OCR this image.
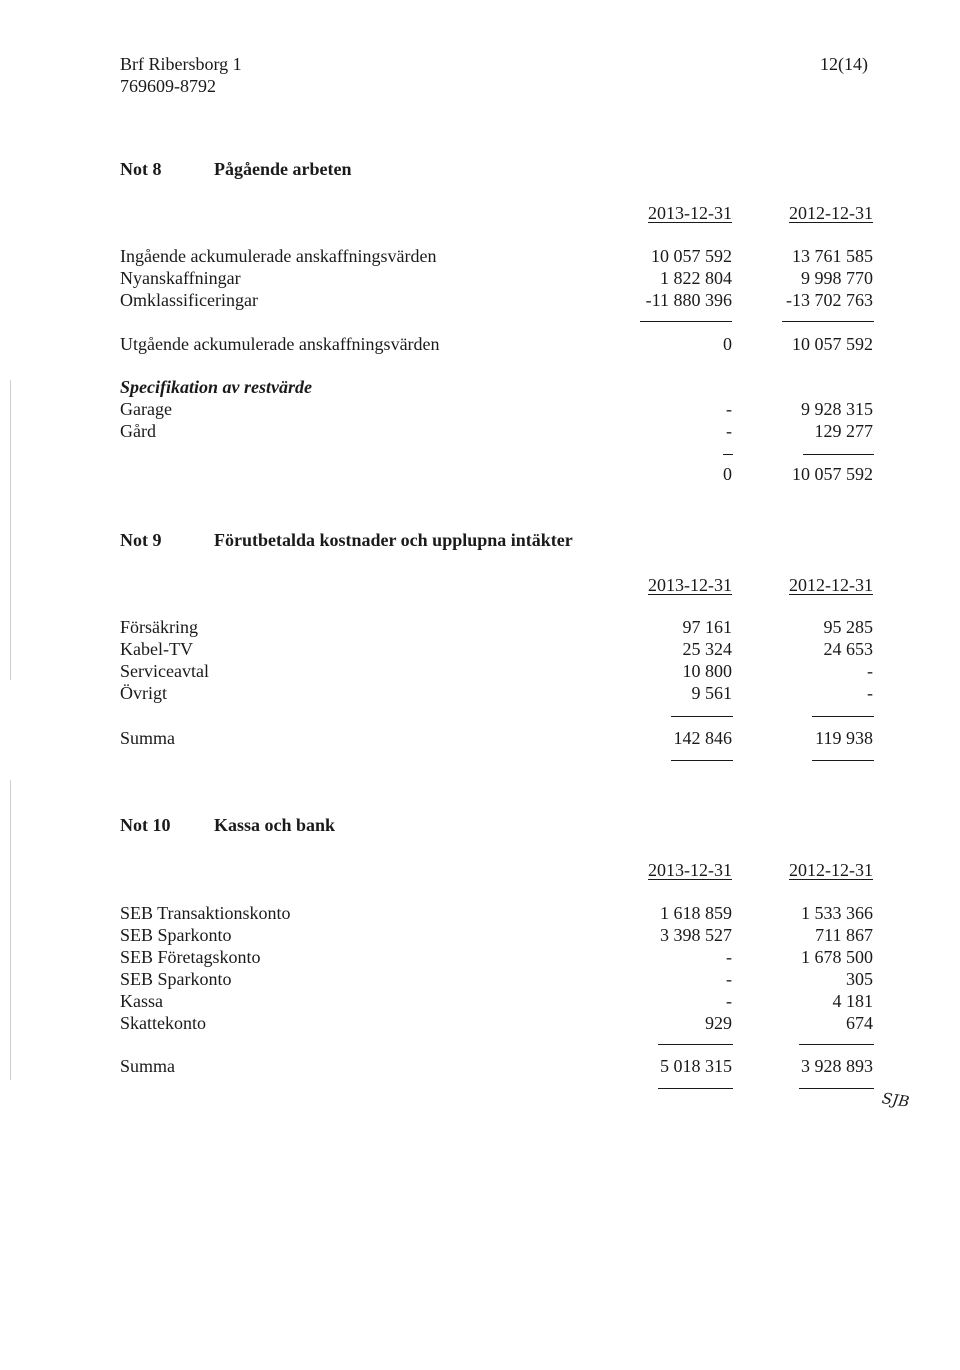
Brf Ribersborg 1
769609-8792
12(14)
Not 8	Pågående arbeten
2013-12-31	2012-12-31
Ingående ackumulerade anskaffningsvärden	10 057 592	13 761 585
Nyanskaffningar	1 822 804	9 998 770
Omklassificeringar	-11 880 396	-13 702 763
Utgående ackumulerade anskaffningsvärden	0	10 057 592
Specifikation av restvärde
Garage	-	9 928 315
Gård	-	129 277
0	10 057 592
Not 9	Förutbetalda kostnader och upplupna intäkter
2013-12-31	2012-12-31
Försäkring	97 161	95 285
Kabel-TV	25 324	24 653
Serviceavtal	10 800	-
Övrigt	9 561	-
Summa	142 846	119 938
Not 10 Kassa och bank
2013-12-31	2012-12-31
SEB Transaktionskonto	1 618 859	1 533 366
SEB Sparkonto	3 398 527	711 867
SEB Företagskonto	-	1 678 500
SEB Sparkonto	-	305
Kassa	-	4 181
Skattekonto	929	674
Summa	5 018 315	3 928 893
SJB
